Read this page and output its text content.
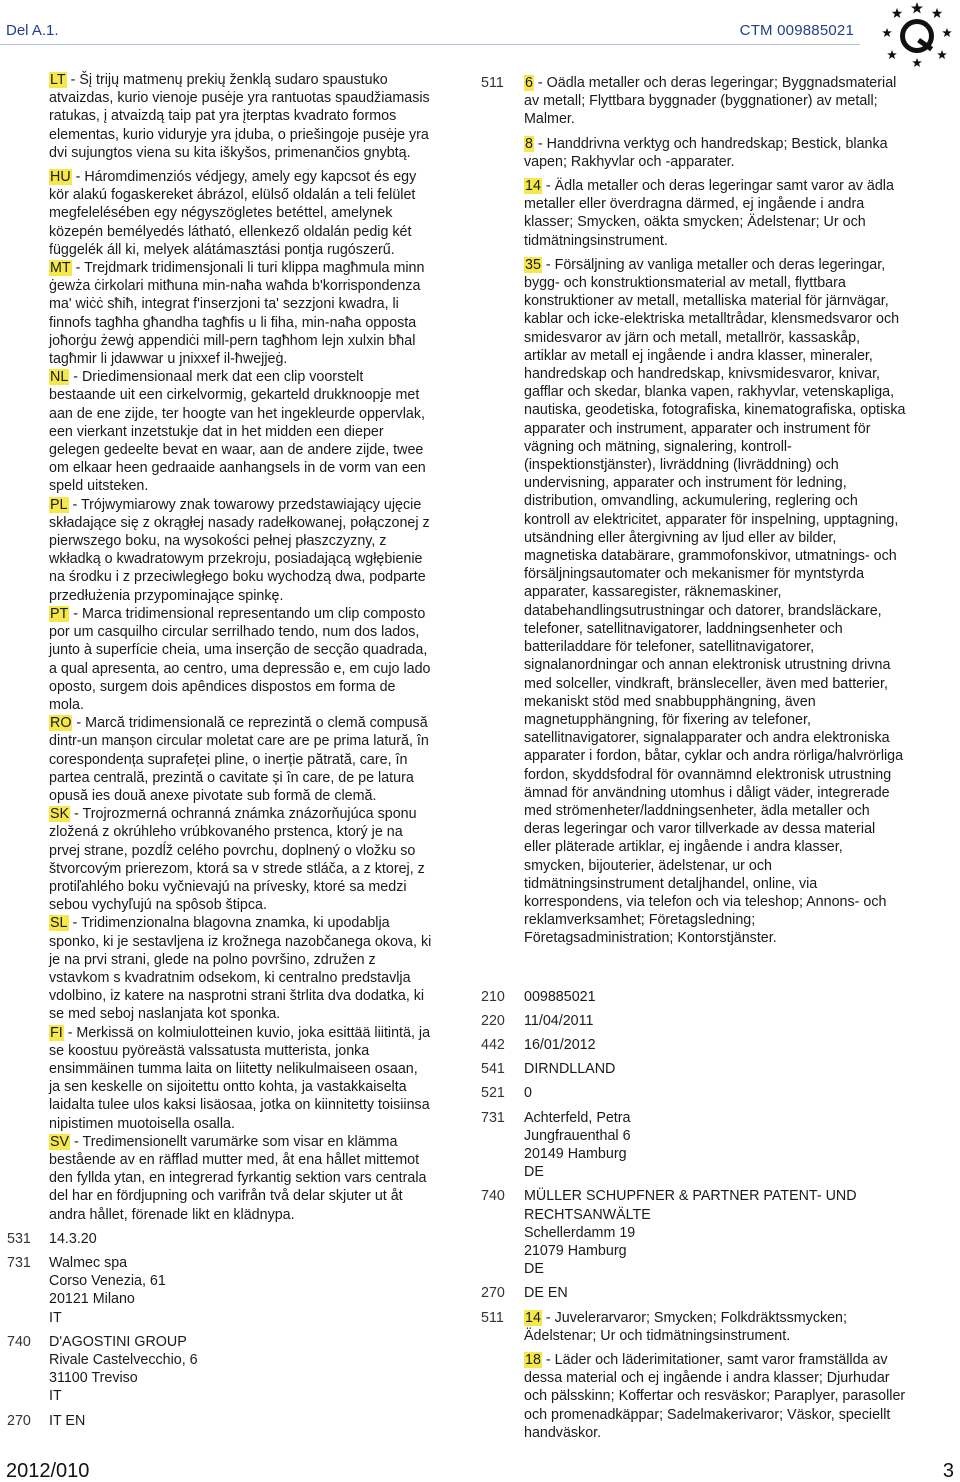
Del A.1.	CTM 009885021

LT - Šį trijų matmenų prekių ženklą sudaro spaustuko atvaizdas, kurio vienoje pusėje yra rantuotas spaudžiamasis ratukas, į atvaizdą taip pat yra įterptas kvadrato formos elementas, kurio viduryje yra įduba, o priešingoje pusėje yra dvi sujungtos viena su kita iškyšos, primenančios gnybtą.

HU - Háromdimenziós védjegy, amely egy kapcsot és egy kör alakú fogaskereket ábrázol, elülső oldalán a teli felület megfelelésében egy négyszögletes betéttel, amelynek közepén bemélyedés látható, ellenkező oldalán pedig két függelék áll ki, melyek alátámasztási pontja rugószerű.

MT - Trejdmark tridimensjonali li turi klippa magħmula minn ġewża ċirkolari mitħuna min-naħa waħda b'korrispondenza ma' wiċċ sħiħ, integrat f'inserzjoni ta' sezzjoni kwadra, li finnofs tagħha għandha tagħfis u li fiha, min-naħa opposta joħorġu żewġ appendiċi mill-pern tagħhom lejn xulxin bħal tagħmir li jdawwar u jnixxef il-ħwejjeġ.

NL - Driedimensionaal merk dat een clip voorstelt bestaande uit een cirkelvormig, gekarteld drukknoopje met aan de ene zijde, ter hoogte van het ingekleurde oppervlak, een vierkant inzetstukje dat in het midden een dieper gelegen gedeelte bevat en waar, aan de andere zijde, twee om elkaar heen gedraaide aanhangsels in de vorm van een speld uitsteken.

PL - Trójwymiarowy znak towarowy przedstawiający ujęcie składające się z okrągłej nasady radełkowanej, połączonej z pierwszego boku, na wysokości pełnej płaszczyzny, z wkładką o kwadratowym przekroju, posiadającą wgłębienie na środku i z przeciwległego boku wychodzą dwa, podparte przedłużenia przypominające spinkę.

PT - Marca tridimensional representando um clip composto por um casquilho circular serrilhado tendo, num dos lados, junto à superfície cheia, uma inserção de secção quadrada, a qual apresenta, ao centro, uma depressão e, em cujo lado oposto, surgem dois apêndices dispostos em forma de mola.

RO - Marcă tridimensională ce reprezintă o clemă compusă dintr-un manșon circular moletat care are pe prima latură, în corespondența suprafeței pline, o inerție pătrată, care, în partea centrală, prezintă o cavitate și în care, de pe latura opusă ies două anexe pivotate sub formă de clemă.

SK - Trojrozmerná ochranná známka znázorňujúca sponu zložená z okrúhleho vrúbkovaného prstenca, ktorý je na prvej strane, pozdĺž celého povrchu, doplnený o vložku so štvorcovým prierezom, ktorá sa v strede stláča, a z ktorej, z protiľahlého boku vyčnievajú na prívesky, ktoré sa medzi sebou vychyľujú na spôsob štipca.

SL - Tridimenzionalna blagovna znamka, ki upodablja sponko, ki je sestavljena iz krožnega nazobčanega okova, ki je na prvi strani, glede na polno površino, združen z vstavkom s kvadratnim odsekom, ki centralno predstavlja vdolbino, iz katere na nasprotni strani štrlita dva dodatka, ki se med seboj naslanjata kot sponka.

FI - Merkissä on kolmiulotteinen kuvio, joka esittää liitintä, ja se koostuu pyöreästä valssatusta mutterista, jonka ensimmäinen tumma laita on liitetty nelikulmaiseen osaan, ja sen keskelle on sijoitettu ontto kohta, ja vastakkaiselta laidalta tulee ulos kaksi lisäosaa, jotka on kiinnitetty toisiinsa nipistimen muotoisella osalla.

SV - Tredimensionellt varumärke som visar en klämma bestående av en räfflad mutter med, åt ena hållet mittemot den fyllda ytan, en integrerad fyrkantig sektion vars centrala del har en fördjupning och varifrån två delar skjuter ut åt andra hållet, förenade likt en klädnypa.

531	14.3.20
731	Walmec spa
Corso Venezia, 61
20121 Milano
IT
740	D'AGOSTINI GROUP
Rivale Castelvecchio, 6
31100 Treviso
IT
270	IT EN
511	6 - Oädla metaller och deras legeringar; Byggnadsmaterial av metall; Flyttbara byggnader (byggnationer) av metall; Malmer.

8 - Handdrivna verktyg och handredskap; Bestick, blanka vapen; Rakhyvlar och -apparater.

14 - Ädla metaller och deras legeringar samt varor av ädla metaller eller överdragna därmed, ej ingående i andra klasser; Smycken, oäkta smycken; Ädelstenar; Ur och tidmätningsinstrument.

35 - Försäljning av vanliga metaller och deras legeringar, bygg- och konstruktionsmaterial av metall, flyttbara konstruktioner av metall, metalliska material för järnvägar, kablar och icke-elektriska metalltrådar, klensmedsvaror och smidesvaror av järn och metall, metallrör, kassaskåp, artiklar av metall ej ingående i andra klasser, mineraler, handredskap och handredskap, knivsmidesvaror, knivar, gafflar och skedar, blanka vapen, rakhyvlar, vetenskapliga, nautiska, geodetiska, fotografiska, kinematografiska, optiska apparater och instrument, apparater och instrument för vägning och mätning, signalering, kontroll- (inspektionstjänster), livräddning (livräddning) och undervisning, apparater och instrument för ledning, distribution, omvandling, ackumulering, reglering och kontroll av elektricitet, apparater för inspelning, upptagning, utsändning eller återgivning av ljud eller av bilder, magnetiska databärare, grammofonskivor, utmatnings- och försäljningsautomater och mekanismer för myntstyrda apparater, kassaregister, räknemaskiner, databehandlingsutrustningar och datorer, brandsläckare, telefoner, satellitnavigatorer, laddningsenheter och batteriladdare för telefoner, satellitnavigatorer, signalanordningar och annan elektronisk utrustning drivna med solceller, vindkraft, bränsleceller, även med batterier, mekaniskt stöd med snabbupphängning, även magnetupphängning, för fixering av telefoner, satellitnavigatorer, signalapparater och andra elektroniska apparater i fordon, båtar, cyklar och andra rörliga/halvrörliga fordon, skyddsfodral för ovannämnd elektronisk utrustning ämnad för användning utomhus i dåligt väder, integrerade med strömenheter/laddningsenheter, ädla metaller och deras legeringar och varor tillverkade av dessa material eller pläterade artiklar, ej ingående i andra klasser, smycken, bijouterier, ädelstenar, ur och tidmätningsinstrument detaljhandel, online, via korrespondens, via telefon och via teleshop; Annons- och reklamverksamhet; Företagsledning; Företagsadministration; Kontorstjänster.

210	009885021
220	11/04/2011
442	16/01/2012
541	DIRNDLLAND
521	0
731	Achterfeld, Petra
Jungfrauenthal 6
20149 Hamburg
DE
740	MÜLLER SCHUPFNER & PARTNER PATENT- UND RECHTSANWÄLTE
Schellerdamm 19
21079 Hamburg
DE
270	DE EN
511	14 - Juvelerarvaror; Smycken; Folkdräktssmycken; Ädelstenar; Ur och tidmätningsinstrument.

18 - Läder och läderimitationer, samt varor framställda av dessa material och ej ingående i andra klasser; Djurhudar och pälsskinn; Koffertar och resväskor; Paraplyer, parasoller och promenadkäppar; Sadelmakerivaror; Väskor, speciellt handväskor.

2012/010	3
